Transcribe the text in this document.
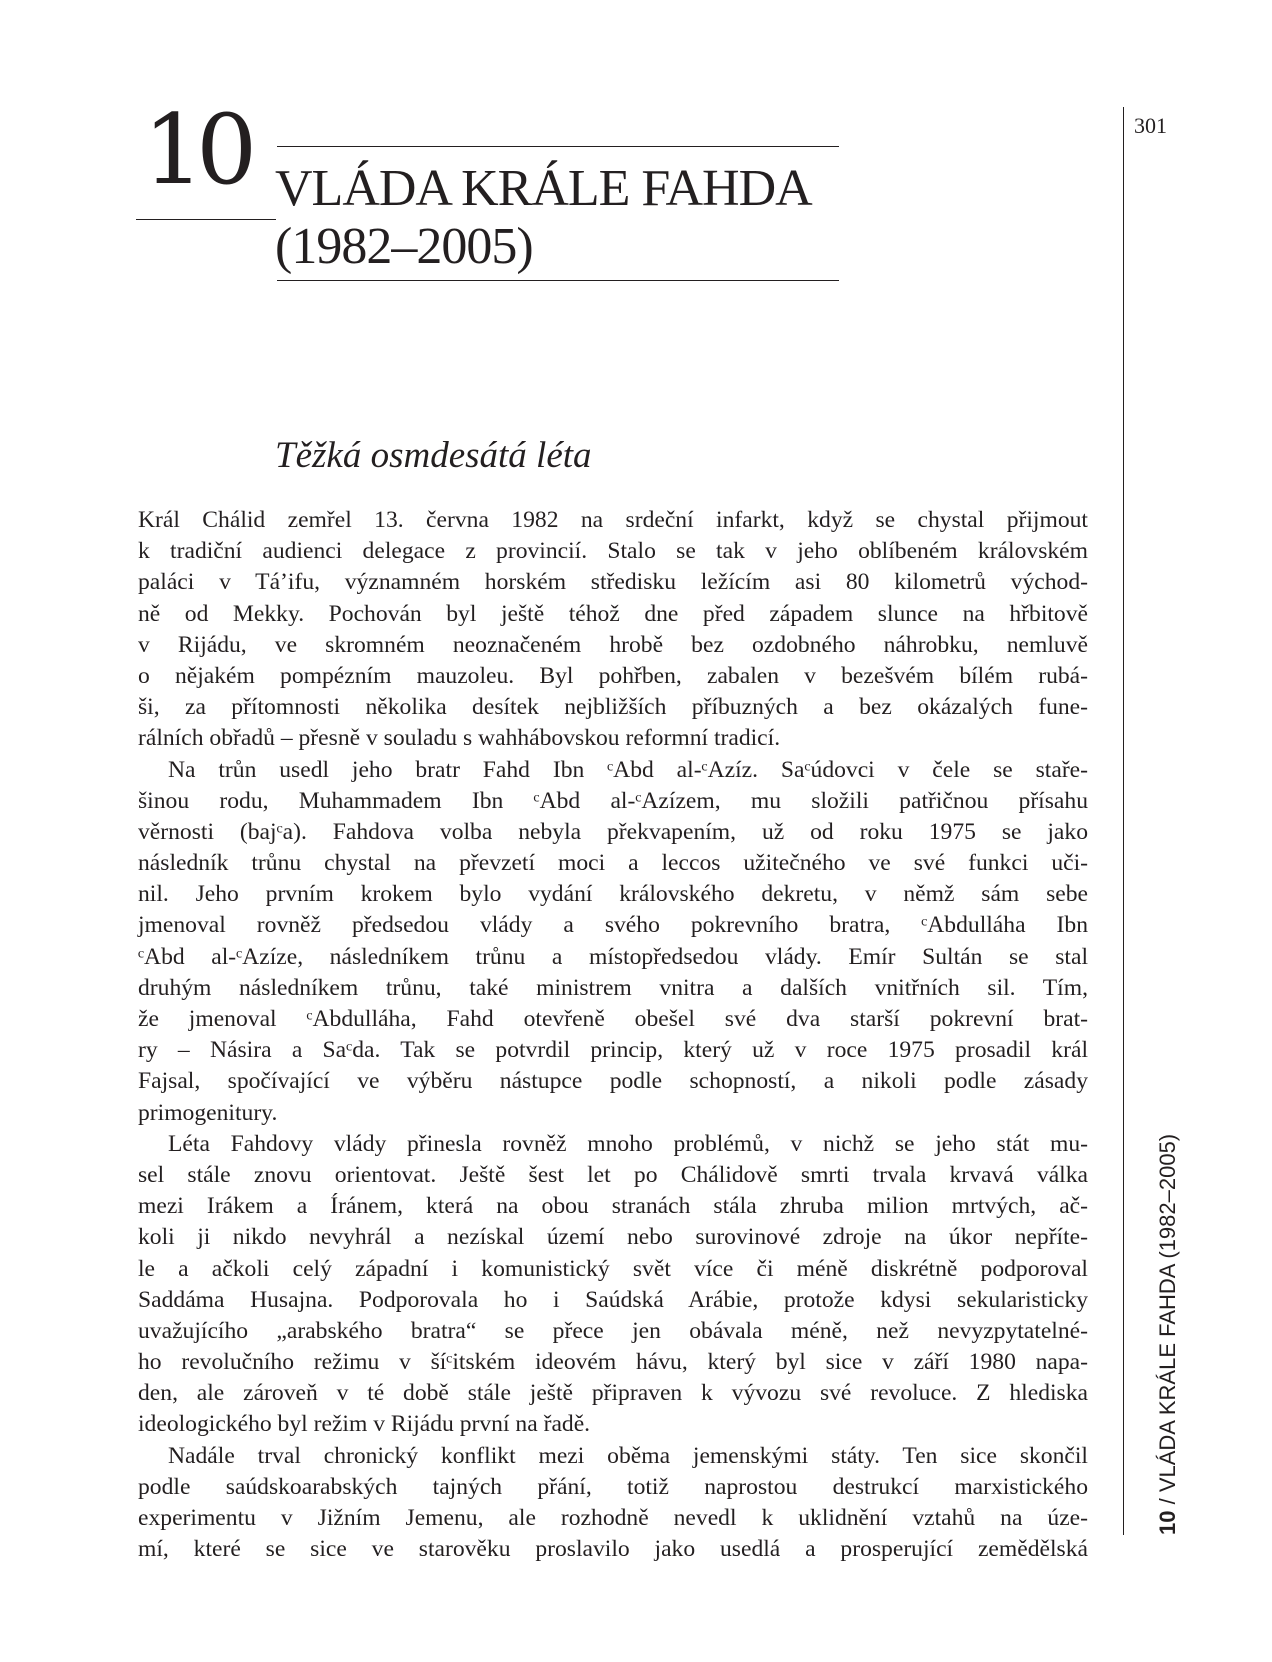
10 VLÁDA KRÁLE FAHDA
(1982–2005)
301
10 / VLÁDA KRÁLE FAHDA (1982–2005)
Těžká osmdesátá léta
Král Chálid zemřel 13. června 1982 na srdeční infarkt, když se chystal přijmout
k tradiční audienci delegace z provincií. Stalo se tak v jeho oblíbeném královském
paláci v Tá’ifu, významném horském středisku ležícím asi 80 kilometrů východ-
ně od Mekky. Pochován byl ještě téhož dne před západem slunce na hřbitově
v Rijádu, ve skromném neoznačeném hrobě bez ozdobného náhrobku, nemluvě
o nějakém pompézním mauzoleu. Byl pohřben, zabalen v bezešvém bílém rubá-
ši, za přítomnosti několika desítek nejbližších příbuzných a bez okázalých fune-
rálních obřadů – přesně v souladu s wahhábovskou reformní tradicí.
Na trůn usedl jeho bratr Fahd Ibn ᶜAbd al-ᶜAzíz. Saᶜúdovci v čele se staře-
šinou rodu, Muhammadem Ibn ᶜAbd al-ᶜAzízem, mu složili patřičnou přísahu
věrnosti (bajᶜa). Fahdova volba nebyla překvapením, už od roku 1975 se jako
následník trůnu chystal na převzetí moci a leccos užitečného ve své funkci uči-
nil. Jeho prvním krokem bylo vydání královského dekretu, v němž sám sebe
jmenoval rovněž předsedou vlády a svého pokrevního bratra, ᶜAbdulláha Ibn
ᶜAbd al-ᶜAzíze, následníkem trůnu a místopředsedou vlády. Emír Sultán se stal
druhým následníkem trůnu, také ministrem vnitra a dalších vnitřních sil. Tím,
že jmenoval ᶜAbdulláha, Fahd otevřeně obešel své dva starší pokrevní brat-
ry – Násira a Saᶜda. Tak se potvrdil princip, který už v roce 1975 prosadil král
Fajsal, spočívající ve výběru nástupce podle schopností, a nikoli podle zásady
primogenitury.
Léta Fahdovy vlády přinesla rovněž mnoho problémů, v nichž se jeho stát mu-
sel stále znovu orientovat. Ještě šest let po Chálidově smrti trvala krvavá válka
mezi Irákem a Íránem, která na obou stranách stála zhruba milion mrtvých, ač-
koli ji nikdo nevyhrál a nezískal území nebo surovinové zdroje na úkor nepříte-
le a ačkoli celý západní i komunistický svět více či méně diskrétně podporoval
Saddáma Husajna. Podporovala ho i Saúdská Arábie, protože kdysi sekularisticky
uvažujícího „arabského bratra“ se přece jen obávala méně, než nevyzpytatelné-
ho revolučního režimu v šíᶜitském ideovém hávu, který byl sice v září 1980 napa-
den, ale zároveň v té době stále ještě připraven k vývozu své revoluce. Z hlediska
ideologického byl režim v Rijádu první na řadě.
Nadále trval chronický konflikt mezi oběma jemenskými státy. Ten sice skončil
podle saúdskoarabských tajných přání, totiž naprostou destrukcí marxistického
experimentu v Jižním Jemenu, ale rozhodně nevedl k uklidnění vztahů na úze-
mí, které se sice ve starověku proslavilo jako usedlá a prosperující zemědělská
